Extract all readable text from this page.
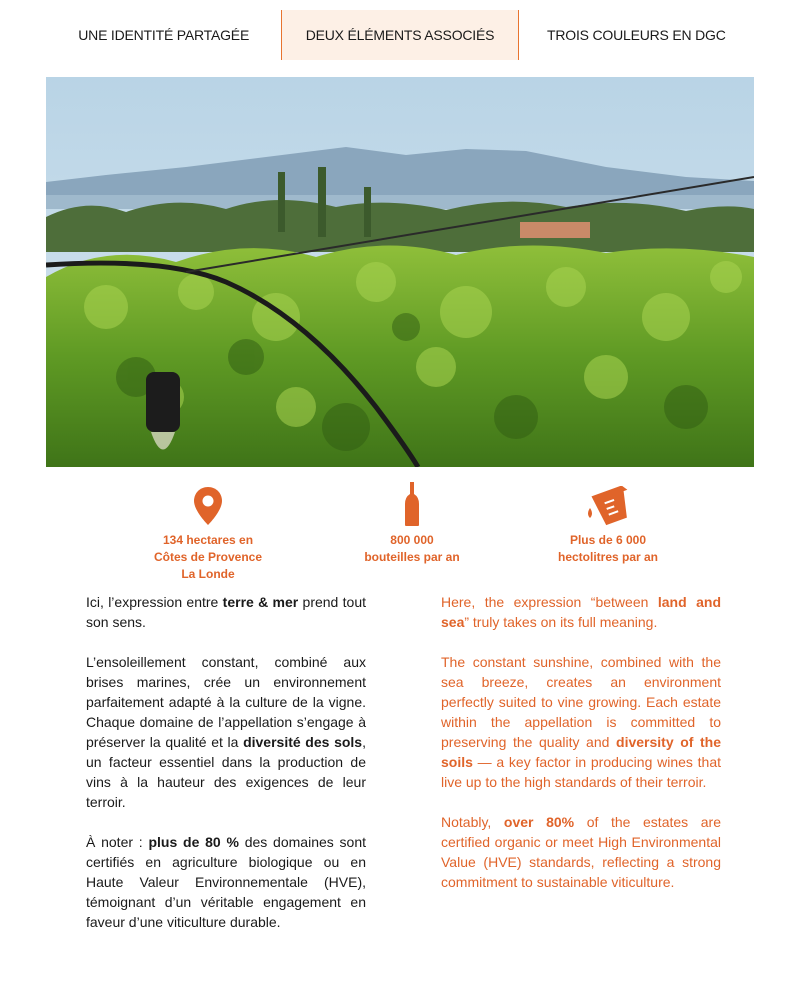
UNE IDENTITÉ PARTAGÉE	DEUX ÉLÉMENTS ASSOCIÉS	TROIS COULEURS EN DGC
134 hectares en
Côtes de Provence
La Londe
800 000
bouteilles par an
Plus de 6 000
hectolitres par an

Ici, l’expression entre terre & mer prend tout son sens.

L’ensoleillement constant, combiné aux brises marines, crée un environnement parfaitement adapté à la culture de la vigne. Chaque domaine de l’appellation s’engage à préserver la qualité et la diversité des sols, un facteur essentiel dans la production de vins à la hauteur des exigences de leur terroir.

À noter : plus de 80 % des domaines sont certifiés en agriculture biologique ou en Haute Valeur Environnementale (HVE), témoignant d’un véritable engagement en faveur d’une viticulture durable.

Here, the expression “between land and sea” truly takes on its full meaning.

The constant sunshine, combined with the sea breeze, creates an environment perfectly suited to vine growing. Each estate within the appellation is committed to preserving the quality and diversity of the soils — a key factor in producing wines that live up to the high standards of their terroir.

Notably, over 80% of the estates are certified organic or meet High Environmental Value (HVE) standards, reflecting a strong commitment to sustainable viticulture.
